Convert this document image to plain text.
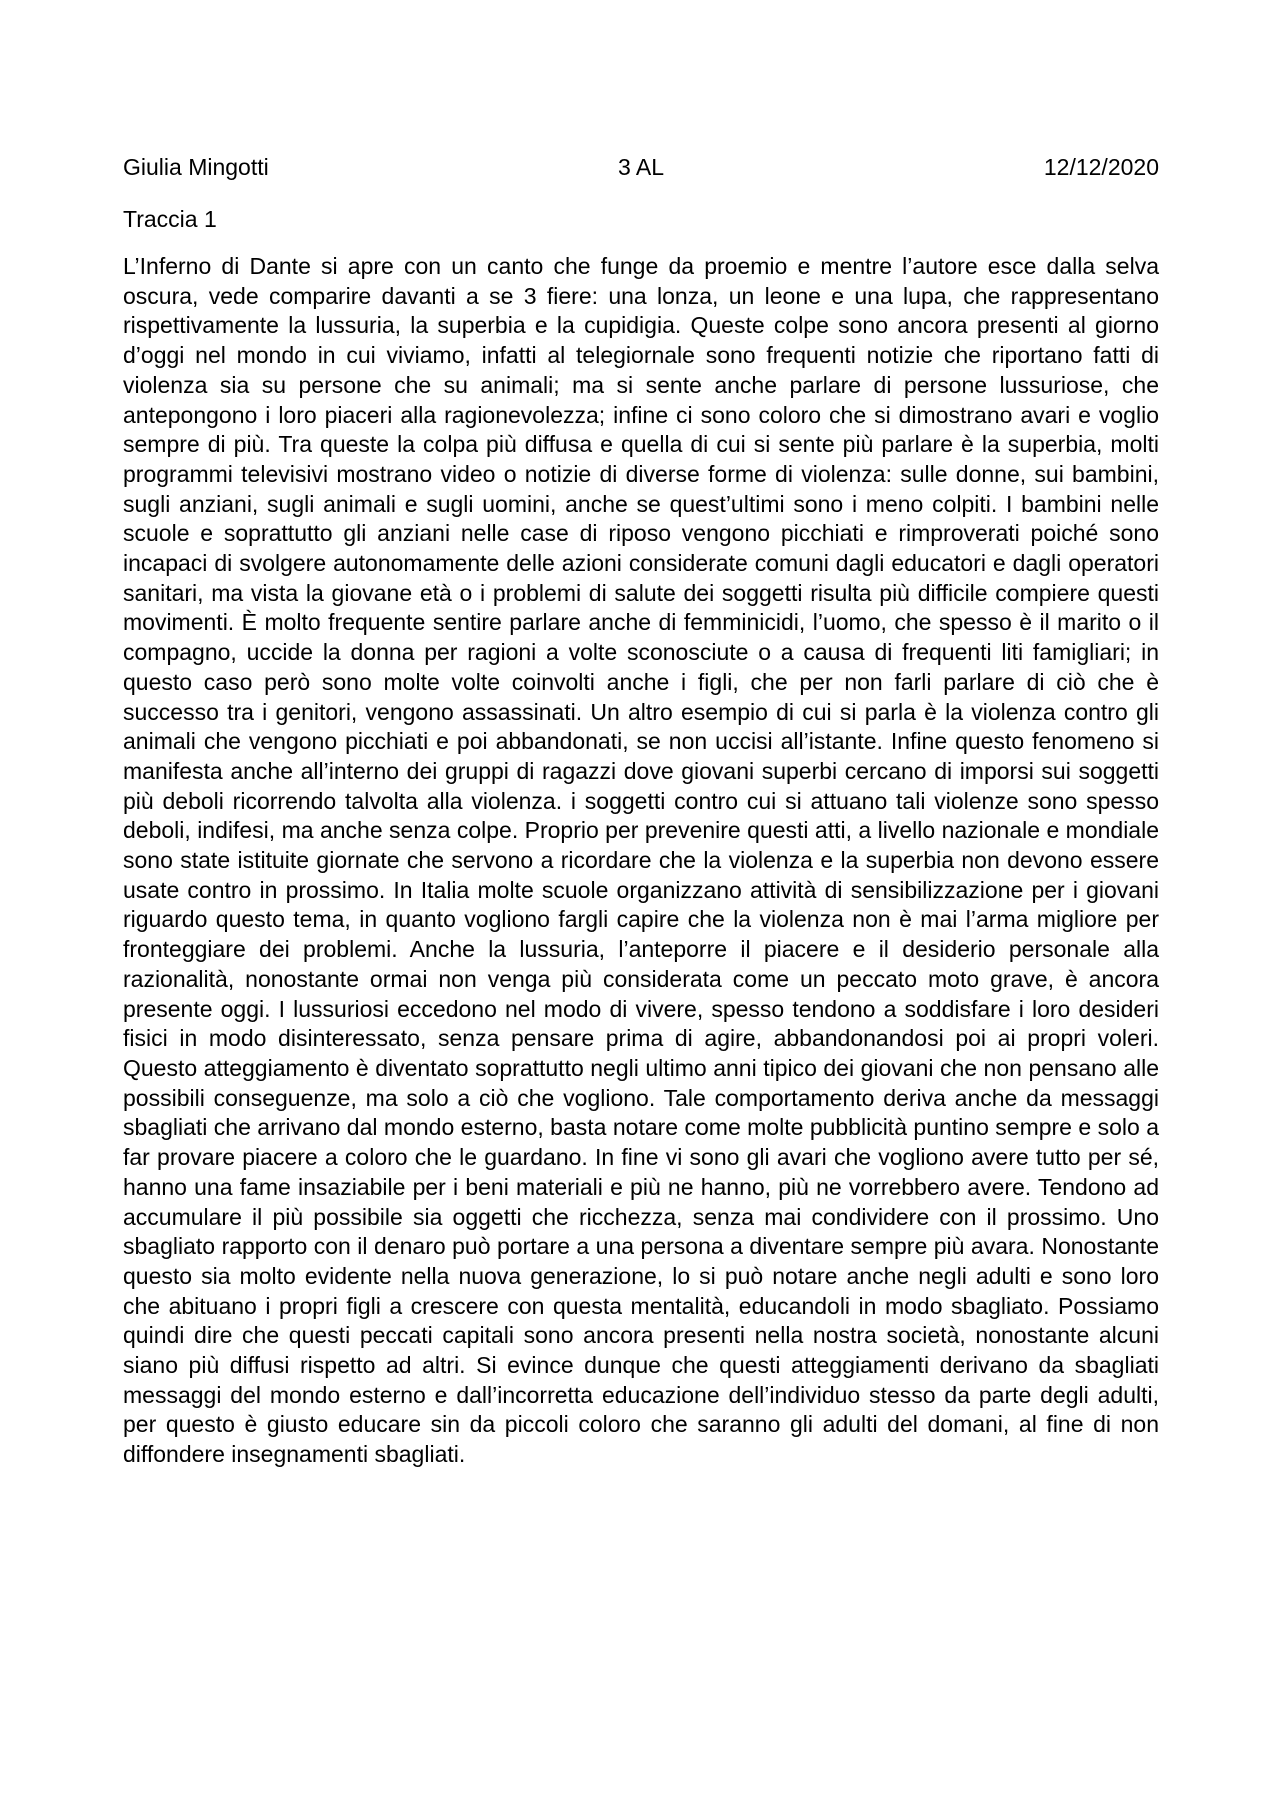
Giulia Mingotti	3 AL	12/12/2020
Traccia 1
L’Inferno di Dante si apre con un canto che funge da proemio e mentre l’autore esce dalla selva oscura, vede comparire davanti a se 3 fiere: una lonza, un leone e una lupa, che rappresentano rispettivamente la lussuria, la superbia e la cupidigia. Queste colpe sono ancora presenti al giorno d’oggi nel mondo in cui viviamo, infatti al telegiornale sono frequenti notizie che riportano fatti di violenza sia su persone che su animali; ma si sente anche parlare di persone lussuriose, che antepongono i loro piaceri alla ragionevolezza; infine ci sono coloro che si dimostrano avari e voglio sempre di più. Tra queste la colpa più diffusa e quella di cui si sente più parlare è la superbia, molti programmi televisivi mostrano video o notizie di diverse forme di violenza: sulle donne, sui bambini, sugli anziani, sugli animali e sugli uomini, anche se quest’ultimi sono i meno colpiti. I bambini nelle scuole e soprattutto gli anziani nelle case di riposo vengono picchiati e rimproverati poiché sono incapaci di svolgere autonomamente delle azioni considerate comuni dagli educatori e dagli operatori sanitari, ma vista la giovane età o i problemi di salute dei soggetti risulta più difficile compiere questi movimenti. È molto frequente sentire parlare anche di femminicidi, l’uomo, che spesso è il marito o il compagno, uccide la donna per ragioni a volte sconosciute o a causa di frequenti liti famigliari; in questo caso però sono molte volte coinvolti anche i figli, che per non farli parlare di ciò che è successo tra i genitori, vengono assassinati. Un altro esempio di cui si parla è la violenza contro gli animali che vengono picchiati e poi abbandonati, se non uccisi all’istante. Infine questo fenomeno si manifesta anche all’interno dei gruppi di ragazzi dove giovani superbi cercano di imporsi sui soggetti più deboli ricorrendo talvolta alla violenza. i soggetti contro cui si attuano tali violenze sono spesso deboli, indifesi, ma anche senza colpe. Proprio per prevenire questi atti, a livello nazionale e mondiale sono state istituite giornate che servono a ricordare che la violenza e la superbia non devono essere usate contro in prossimo. In Italia molte scuole organizzano attività di sensibilizzazione per i giovani riguardo questo tema, in quanto vogliono fargli capire che la violenza non è mai l’arma migliore per fronteggiare dei problemi. Anche la lussuria, l’anteporre il piacere e il desiderio personale alla razionalità, nonostante ormai non venga più considerata come un peccato moto grave, è ancora presente oggi. I lussuriosi eccedono nel modo di vivere, spesso tendono a soddisfare i loro desideri fisici in modo disinteressato, senza pensare prima di agire, abbandonandosi poi ai propri voleri. Questo atteggiamento è diventato soprattutto negli ultimo anni tipico dei giovani che non pensano alle possibili conseguenze, ma solo a ciò che vogliono. Tale comportamento deriva anche da messaggi sbagliati che arrivano dal mondo esterno, basta notare come molte pubblicità puntino sempre e solo a far provare piacere a coloro che le guardano. In fine vi sono gli avari che vogliono avere tutto per sé, hanno una fame insaziabile per i beni materiali e più ne hanno, più ne vorrebbero avere. Tendono ad accumulare il più possibile sia oggetti che ricchezza, senza mai condividere con il prossimo. Uno sbagliato rapporto con il denaro può portare a una persona a diventare sempre più avara. Nonostante questo sia molto evidente nella nuova generazione, lo si può notare anche negli adulti e sono loro che abituano i propri figli a crescere con questa mentalità, educandoli in modo sbagliato. Possiamo quindi dire che questi peccati capitali sono ancora presenti nella nostra società, nonostante alcuni siano più diffusi rispetto ad altri. Si evince dunque che questi atteggiamenti derivano da sbagliati messaggi del mondo esterno e dall’incorretta educazione dell’individuo stesso da parte degli adulti, per questo è giusto educare sin da piccoli coloro che saranno gli adulti del domani, al fine di non diffondere insegnamenti sbagliati.
